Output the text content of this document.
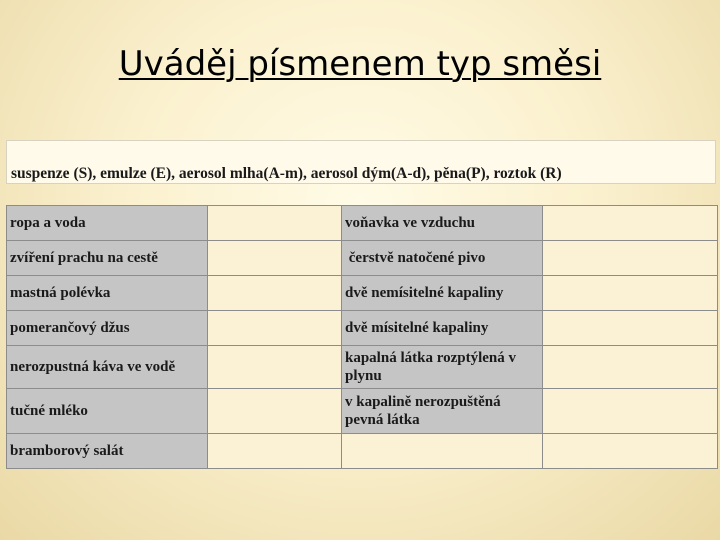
Uváděj písmenem typ směsi
suspenze (S), emulze (E), aerosol mlha(A-m), aerosol dým(A-d), pěna(P), roztok (R)
ropa a voda		voňavka ve vzduchu	
zvíření prachu na cestě		čerstvě natočené pivo	
mastná polévka		dvě nemísitelné kapaliny	
pomerančový džus		dvě mísitelné kapaliny	
nerozpustná káva ve vodě		kapalná látka rozptýlená v plynu	
tučné mléko		v kapalině nerozpuštěná pevná látka	
bramborový salát			
